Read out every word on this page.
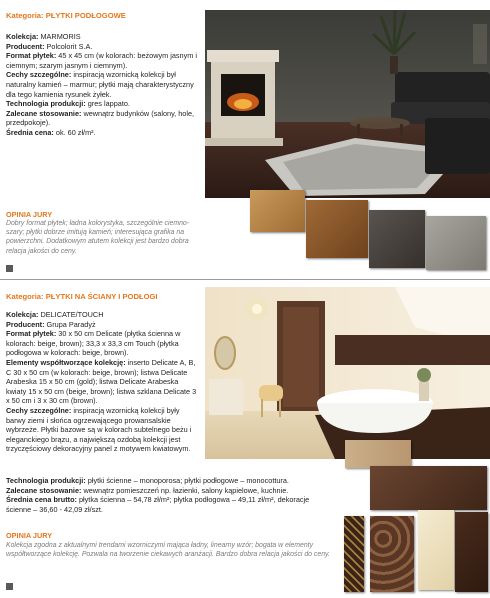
Kategoria: PŁYTKI PODŁOGOWE

Kolekcja: MARMORIS

Producent: Polcolorit S.A.

Format płytek: 45 x 45 cm (w kolorach: beżowym jasnym i ciemnym; szarym jasnym i ciemnym).

Cechy szczególne: inspiracją wzornicką kolekcji był naturalny kamień – marmur; płytki mają charakterystyczny dla tego kamienia rysunek żyłek.

Technologia produkcji: gres lappato.

Zalecane stosowanie: wewnątrz budynków (salony, hole, przedpokoje).

Średnia cena: ok. 60 zł/m².

OPINIA JURY

Dobry format płytek; ładna kolorystyka, szczególnie ciemno-szary; płytki dobrze imitują kamień; interesująca grafika na powierzchni. Dodatkowym atutem kolekcji jest bardzo dobra relacja jakości do ceny.

Kategoria: PŁYTKI NA ŚCIANY I PODŁOGI

Kolekcja: DELICATE/TOUCH

Producent: Grupa Paradyż

Format płytek: 30 x 50 cm Delicate (płytka ścienna w kolorach: beige, brown); 33,3 x 33,3 cm Touch (płytka podłogowa w kolorach: beige, brown).

Elementy współtworzące kolekcję: inserto Delicate A, B, C 30 x 50 cm (w kolorach: beige, brown); listwa Delicate Arabeska 15 x 50 cm (gold); listwa Delicate Arabeska kwiaty 15 x 50 cm (beige, brown); listwa szklana Delicate 3 x 50 cm i 3 x 30 cm (brown).

Cechy szczególne: inspiracją wzornicką kolekcji były barwy ziemi i słońca ogrzewającego prowansalskie wybrzeże. Płytki bazowe są w kolorach subtelnego beżu i eleganckiego brązu, a największą ozdobą kolekcji jest trzyczęściowy dekoracyjny panel z motywem kwiatowym.

Technologia produkcji: płytki ścienne – monoporosa; płytki podłogowe – monocottura.

Zalecane stosowanie: wewnątrz pomieszczeń np. łazienki, salony kąpielowe, kuchnie.

Średnia cena brutto: płytka ścienna – 54,78 zł/m²; płytka podłogowa – 49,11 zł/m², dekoracje ścienne – 36,60 - 42,09 zł/szt.

OPINIA JURY

Kolekcja zgodna z aktualnymi trendami wzorniczymi mająca ładny, linearny wzór; bogata w elementy współtworzące kolekcję. Pozwala na tworzenie ciekawych aranżacji. Bardzo dobra relacja jakości do ceny.
